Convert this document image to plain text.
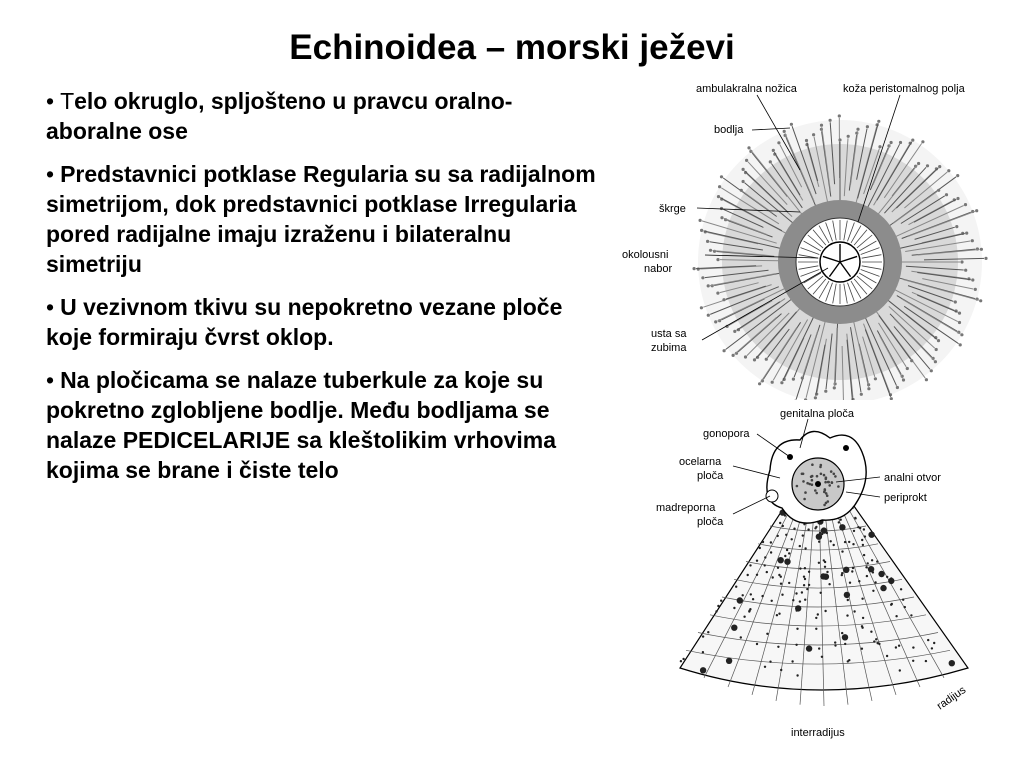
Echinoidea – morski ježevi

• Telo okruglo, spljošteno u pravcu oralno-aboralne ose

• Predstavnici potklase Regularia su sa radijalnom simetrijom, dok predstavnici potklase Irregularia pored radijalne imaju izraženu i bilateralnu simetriju

• U vezivnom tkivu su nepokretno vezane ploče koje formiraju čvrst oklop.

• Na pločicama se nalaze tuberkule za koje su pokretno zglobljene bodlje. Među bodljama se nalaze PEDICELARIJE sa kleštolikim vrhovima kojima se brane i čiste telo

ambulakralna nožica	koža peristomalnog polja
bodlja
škrge
okolousni
nabor
usta sa
zubima
genitalna ploča
gonopora
ocelarna
ploča
madreporna
ploča
analni otvor
periprokt
radijus
interradijus
